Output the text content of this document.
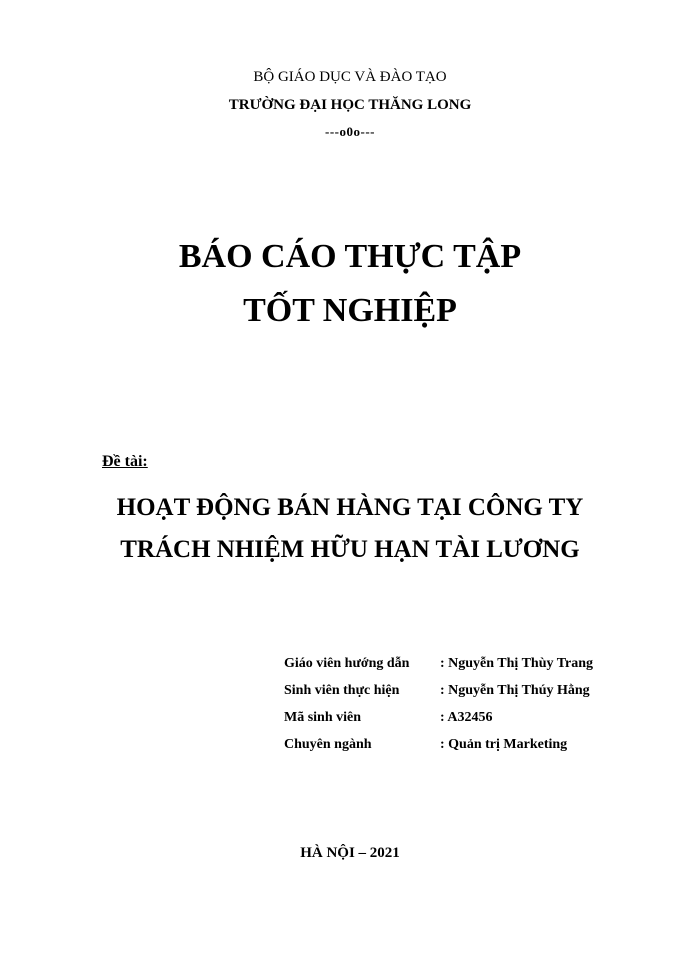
BỘ GIÁO DỤC VÀ ĐÀO TẠO
TRƯỜNG ĐẠI HỌC THĂNG LONG
---o0o---
BÁO CÁO THỰC TẬP
TỐT NGHIỆP
Đề tài:
HOẠT ĐỘNG BÁN HÀNG TẠI CÔNG TY
TRÁCH NHIỆM HỮU HẠN TÀI LƯƠNG
Giáo viên hướng dẫn	: Nguyễn Thị Thùy Trang
Sinh viên thực hiện	: Nguyễn Thị Thúy Hằng
Mã sinh viên	: A32456
Chuyên ngành	: Quản trị Marketing
HÀ NỘI – 2021
